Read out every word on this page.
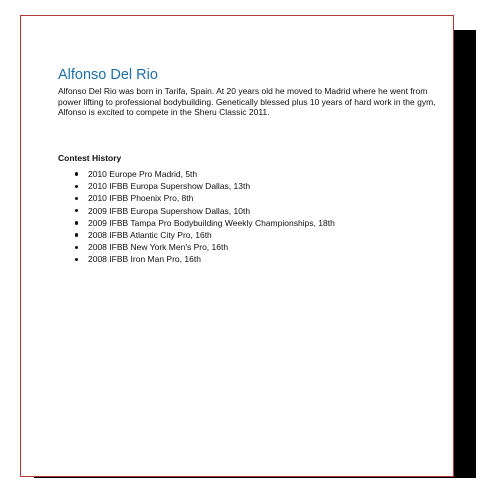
Alfonso Del Rio

Alfonso Del Rio was born in Tarifa, Spain. At 20 years old he moved to Madrid where he went from power lifting to professional bodybuilding. Genetically blessed plus 10 years of hard work in the gym, Alfonso is excited to compete in the Sheru Classic 2011.

Contest History
2010 Europe Pro Madrid, 5th
2010 IFBB Europa Supershow Dallas, 13th
2010 IFBB Phoenix Pro, 8th
2009 IFBB Europa Supershow Dallas, 10th
2009 IFBB Tampa Pro Bodybuilding Weekly Championships, 18th
2008 IFBB Atlantic City Pro, 16th
2008 IFBB New York Men's Pro, 16th
2008 IFBB Iron Man Pro, 16th
